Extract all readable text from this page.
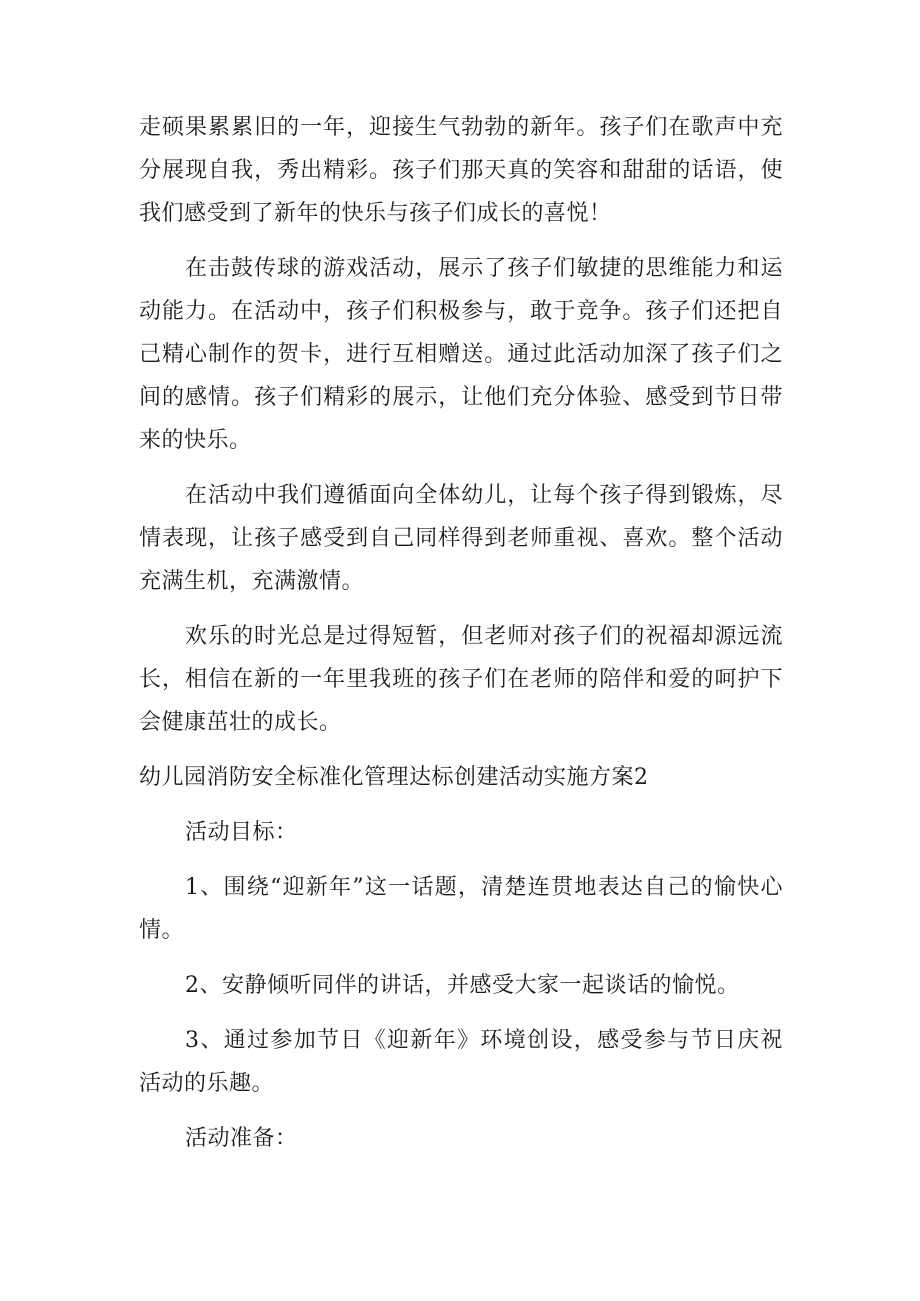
走硕果累累旧的一年，迎接生气勃勃的新年。孩子们在歌声中充分展现自我，秀出精彩。孩子们那天真的笑容和甜甜的话语，使我们感受到了新年的快乐与孩子们成长的喜悦！

在击鼓传球的游戏活动，展示了孩子们敏捷的思维能力和运动能力。在活动中，孩子们积极参与，敢于竞争。孩子们还把自己精心制作的贺卡，进行互相赠送。通过此活动加深了孩子们之间的感情。孩子们精彩的展示，让他们充分体验、感受到节日带来的快乐。

在活动中我们遵循面向全体幼儿，让每个孩子得到锻炼，尽情表现，让孩子感受到自己同样得到老师重视、喜欢。整个活动充满生机，充满激情。

欢乐的时光总是过得短暂，但老师对孩子们的祝福却源远流长，相信在新的一年里我班的孩子们在老师的陪伴和爱的呵护下会健康茁壮的成长。

幼儿园消防安全标准化管理达标创建活动实施方案2

活动目标：

1、围绕“迎新年”这一话题，清楚连贯地表达自己的愉快心情。

2、安静倾听同伴的讲话，并感受大家一起谈话的愉悦。

3、通过参加节日《迎新年》环境创设，感受参与节日庆祝活动的乐趣。

活动准备：
